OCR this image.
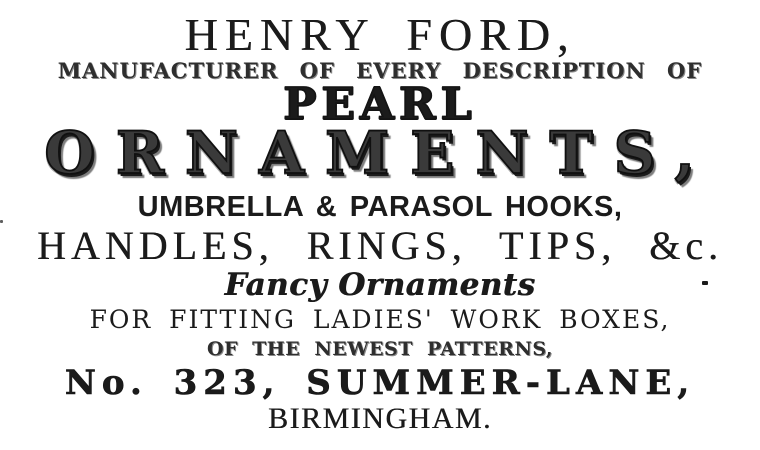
HENRY FORD,
MANUFACTURER OF EVERY DESCRIPTION OF
PEARL
ORNAMENTS,
UMBRELLA & PARASOL HOOKS,
HANDLES, RINGS, TIPS, &c.
Fancy Ornaments
FOR FITTING LADIES' WORK BOXES,
OF THE NEWEST PATTERNS,
No. 323, SUMMER-LANE,
BIRMINGHAM.
